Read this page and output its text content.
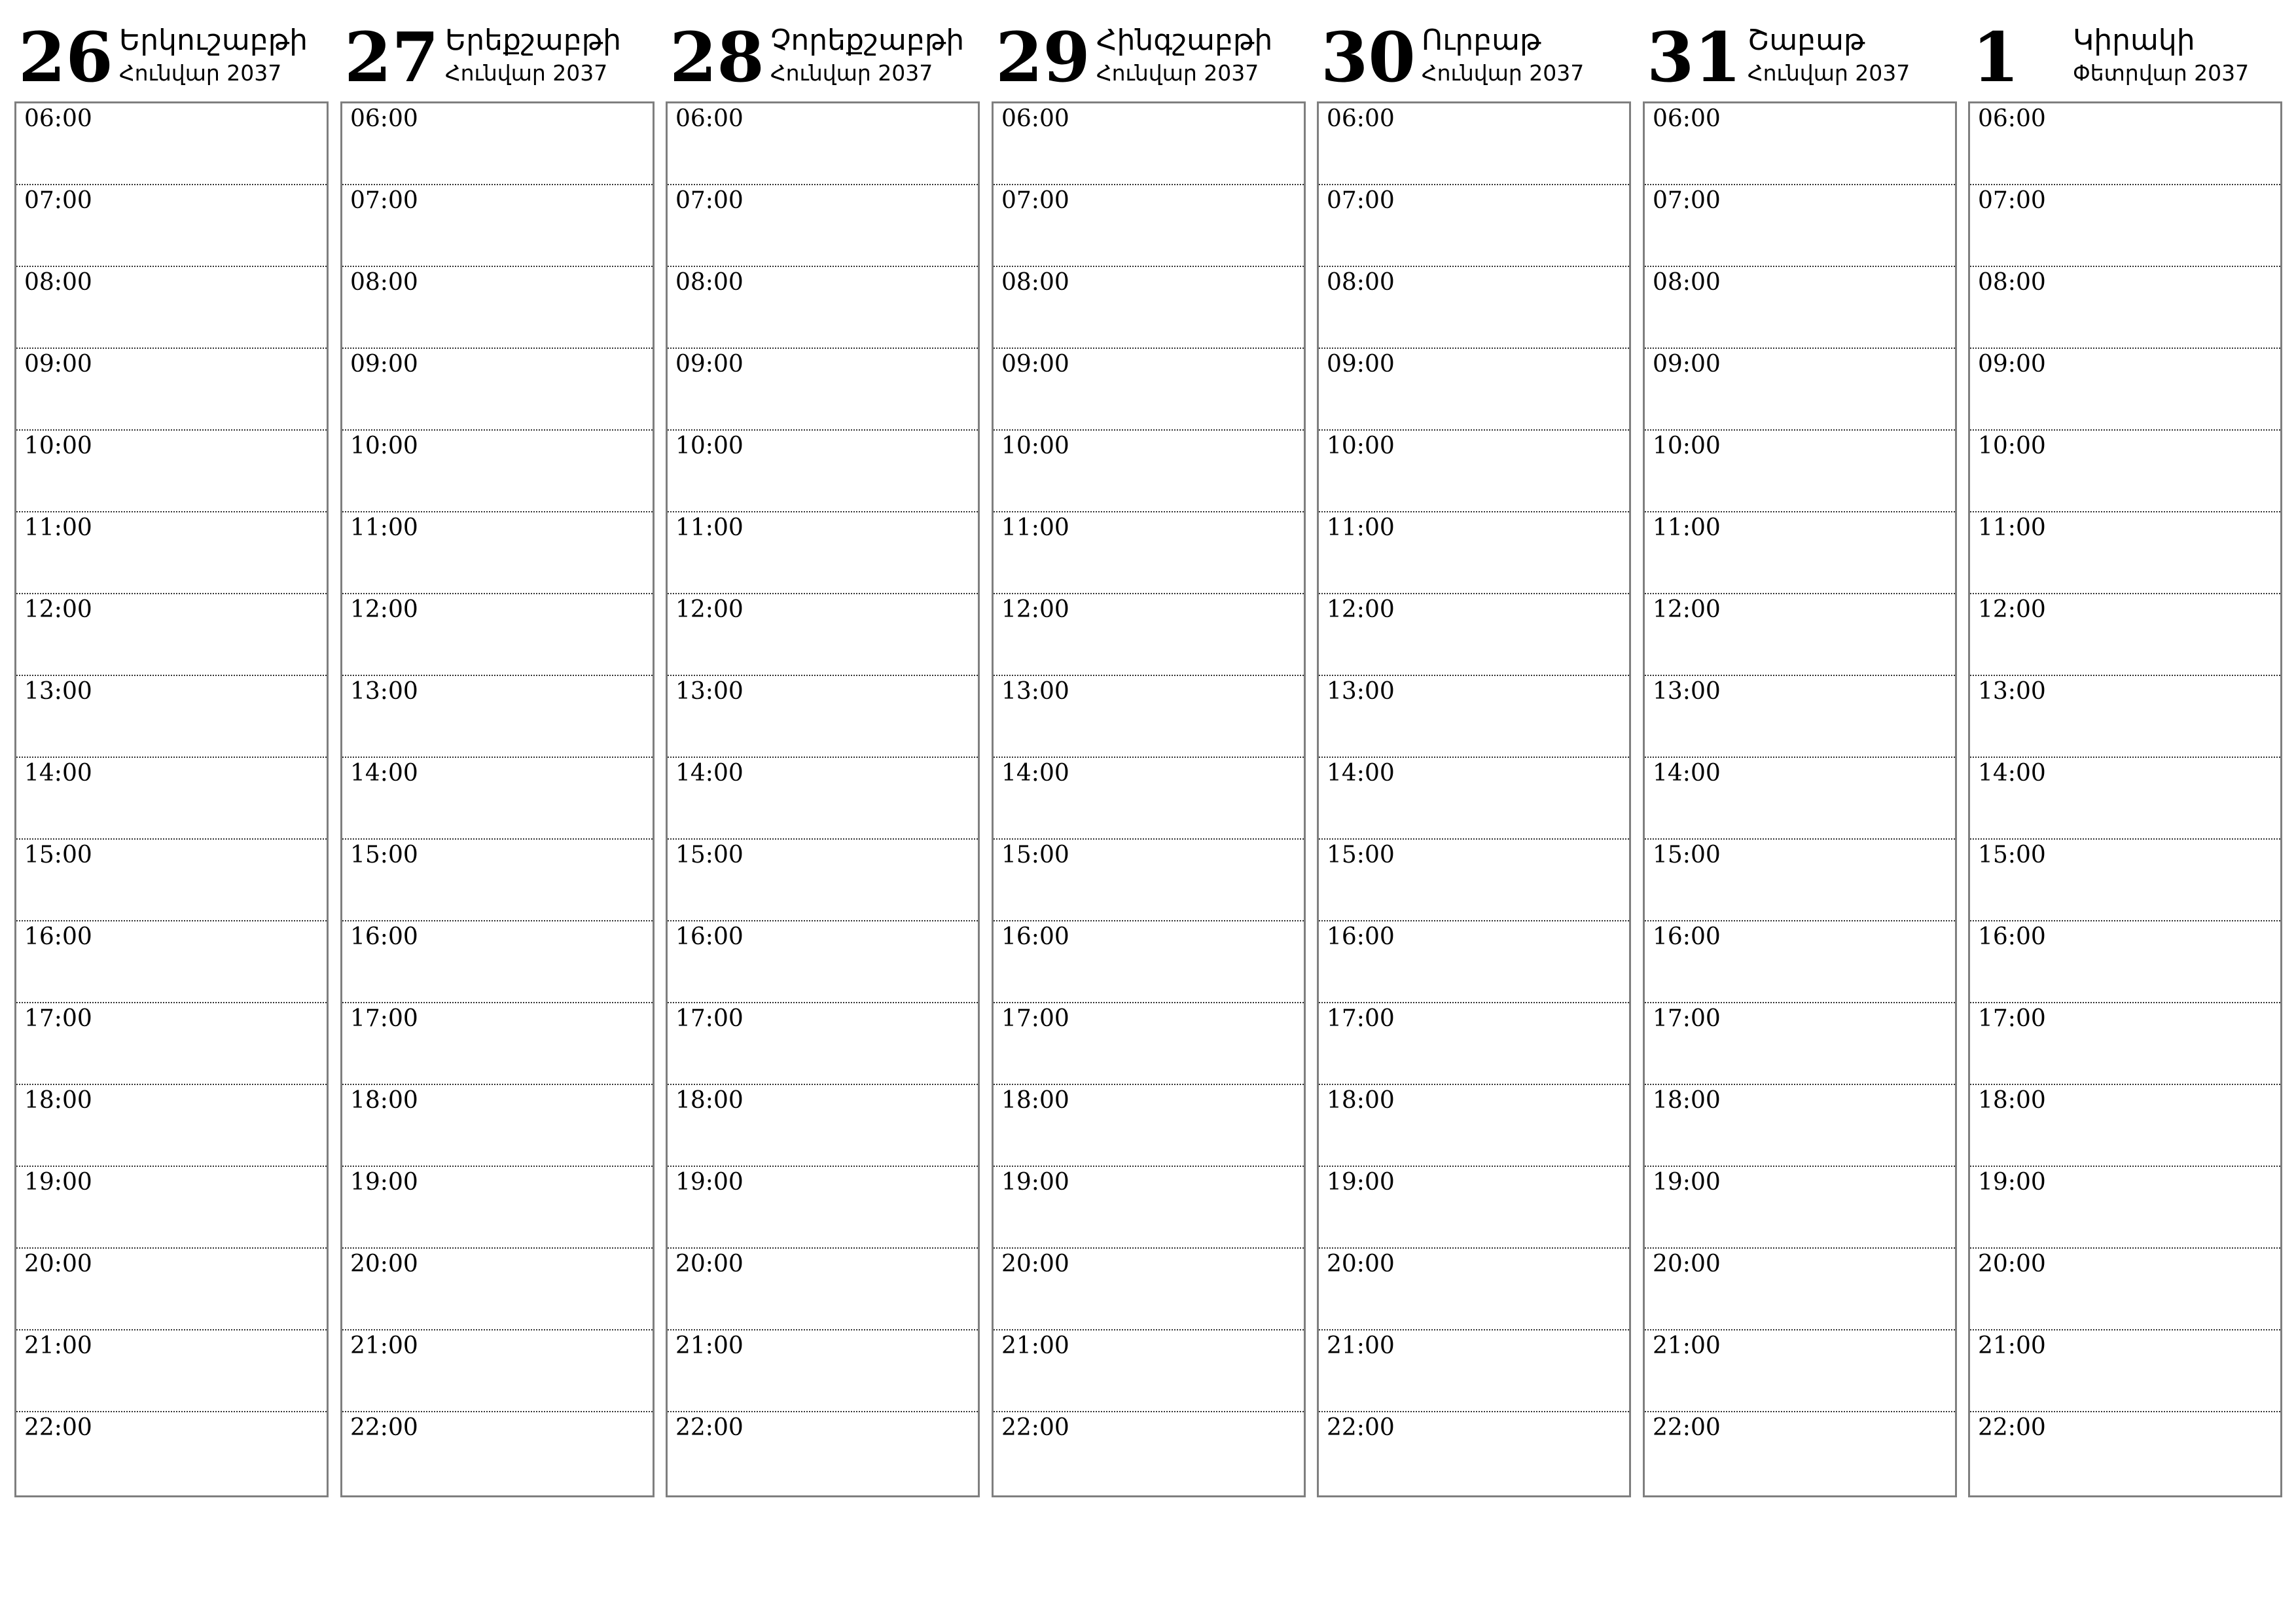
26 Երկուշաբթի
Հունվար 2037
06:00
07:00
08:00
09:00
10:00
11:00
12:00
13:00
14:00
15:00
16:00
17:00
18:00
19:00
20:00
21:00
22:00
27 Երեքշաբթի
Հունվար 2037
06:00
07:00
08:00
09:00
10:00
11:00
12:00
13:00
14:00
15:00
16:00
17:00
18:00
19:00
20:00
21:00
22:00
28 Չորեքշաբթի
Հունվար 2037
06:00
07:00
08:00
09:00
10:00
11:00
12:00
13:00
14:00
15:00
16:00
17:00
18:00
19:00
20:00
21:00
22:00
29 Հինգշաբթի
Հունվար 2037
06:00
07:00
08:00
09:00
10:00
11:00
12:00
13:00
14:00
15:00
16:00
17:00
18:00
19:00
20:00
21:00
22:00
30 Ուրբաթ
Հունվար 2037
06:00
07:00
08:00
09:00
10:00
11:00
12:00
13:00
14:00
15:00
16:00
17:00
18:00
19:00
20:00
21:00
22:00
31 Շաբաթ
Հունվար 2037
06:00
07:00
08:00
09:00
10:00
11:00
12:00
13:00
14:00
15:00
16:00
17:00
18:00
19:00
20:00
21:00
22:00
1 Կիրակի
Փետրվար 2037
06:00
07:00
08:00
09:00
10:00
11:00
12:00
13:00
14:00
15:00
16:00
17:00
18:00
19:00
20:00
21:00
22:00
